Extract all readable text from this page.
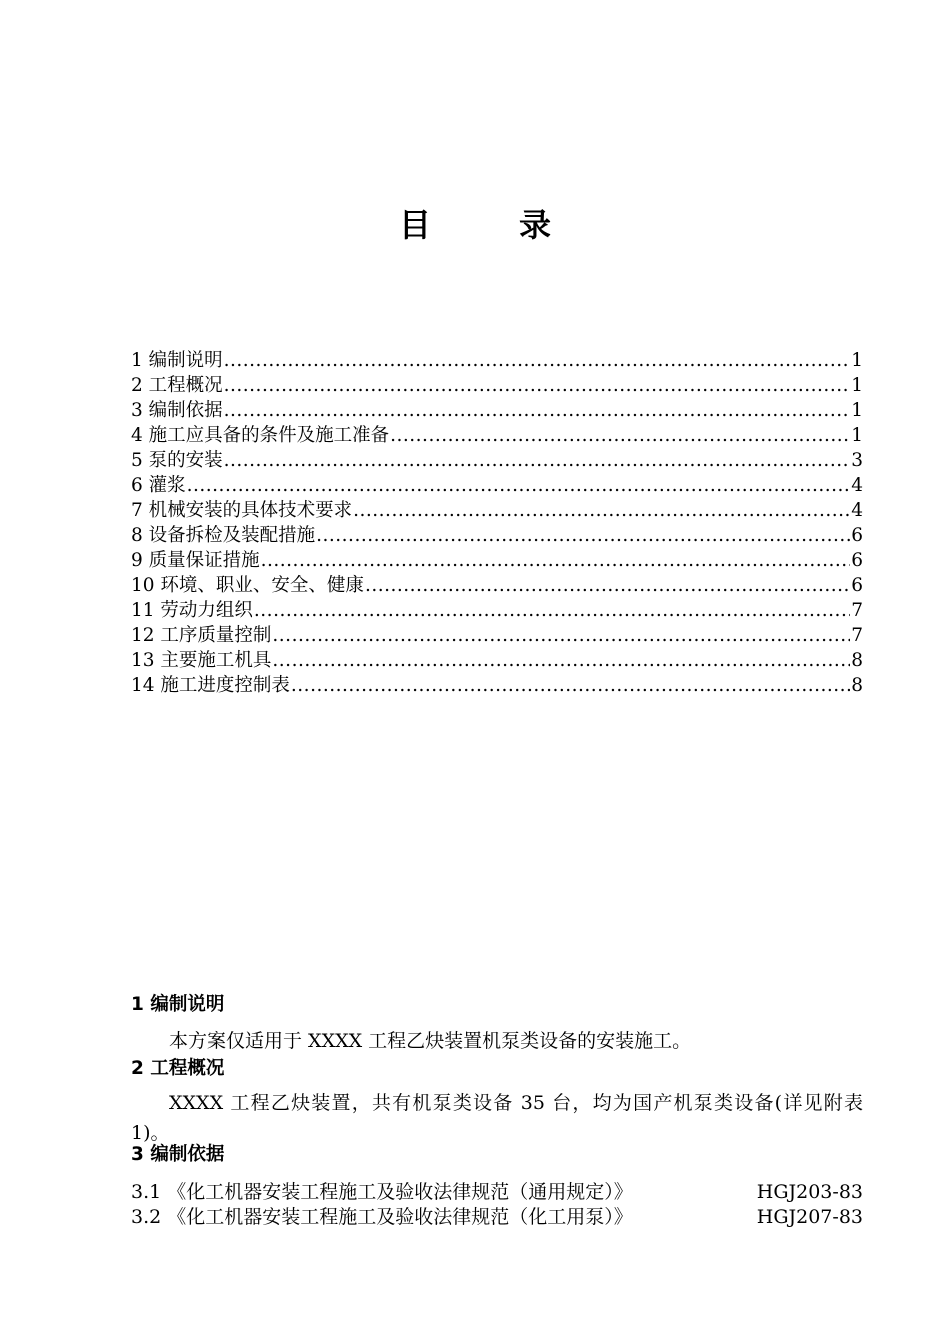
目　录
1 编制说明 .....	1
2 工程概况 .....	1
3 编制依据 .....	1
4 施工应具备的条件及施工准备 .....	1
5 泵的安装 .....	3
6 灌浆 .....	4
7 机械安装的具体技术要求 .....	4
8 设备拆检及装配措施 .....	6
9 质量保证措施 .....	6
10 环境、职业、安全、健康 .....	6
11 劳动力组织 .....	7
12 工序质量控制 .....	7
13 主要施工机具 .....	8
14 施工进度控制表 .....	8
1 编制说明
本方案仅适用于 XXXX 工程乙炔装置机泵类设备的安装施工。
2 工程概况
XXXX 工程乙炔装置，共有机泵类设备 35 台，均为国产机泵类设备(详见附表 1)。
3 编制依据
3.1 《化工机器安装工程施工及验收法律规范（通用规定）》	HGJ203-83
3.2 《化工机器安装工程施工及验收法律规范（化工用泵）》	HGJ207-83
